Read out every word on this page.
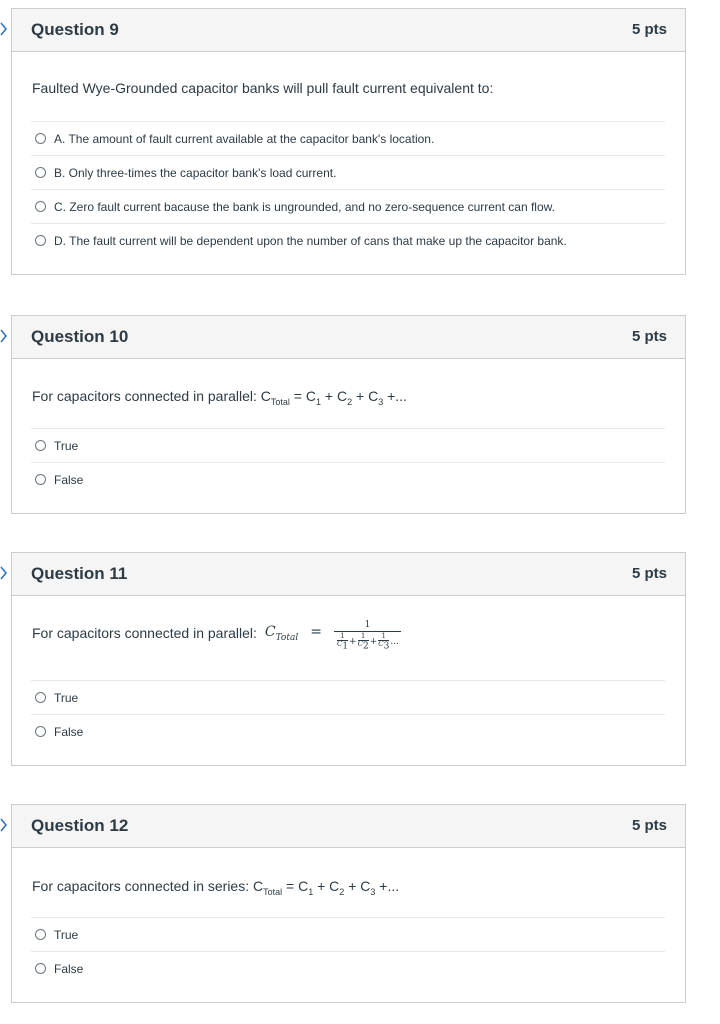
Question 9	5 pts
Faulted Wye-Grounded capacitor banks will pull fault current equivalent to:
A. The amount of fault current available at the capacitor bank's location.
B. Only three-times the capacitor bank's load current.
C. Zero fault current bacause the bank is ungrounded, and no zero-sequence current can flow.
D. The fault current will be dependent upon the number of cans that make up the capacitor bank.
Question 10	5 pts
For capacitors connected in parallel: $C_{Total} = C_1 + C_2 + C_3$ +...
True
False
Question 11	5 pts
For capacitors connected in parallel: $C_{Total}$ =	1
1
$C_1 + \frac{1}{C_2} + \frac{1}{C_3}$ ...
True
False
Question 12	5 pts
For capacitors connected in series: $C_{Total} = C_1 + C_2 + C_3$ +...
True
False
